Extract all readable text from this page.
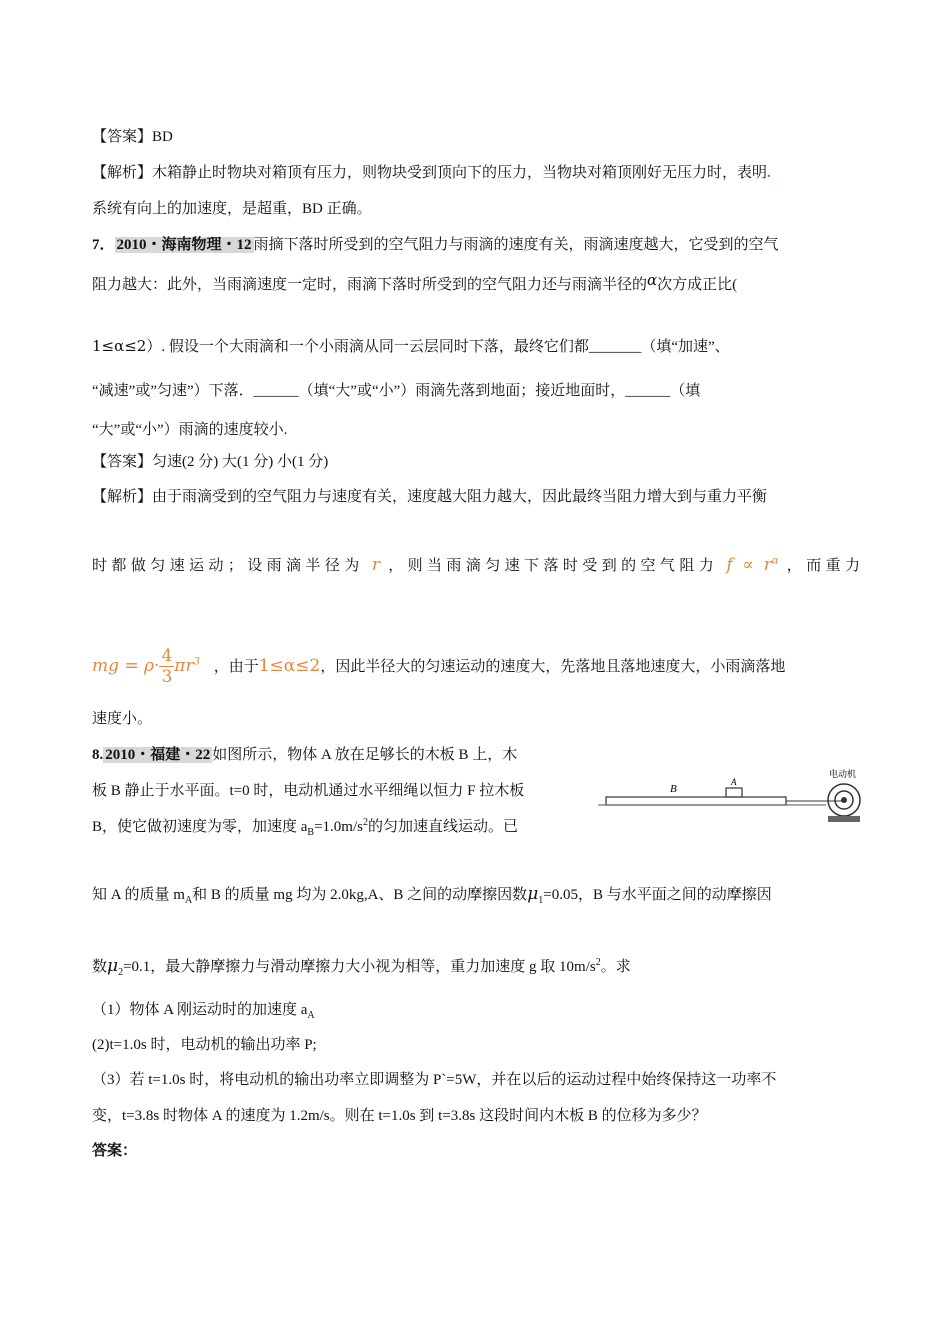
【答案】BD
【解析】木箱静止时物块对箱顶有压力，则物块受到顶向下的压力，当物块对箱顶刚好无压力时，表明.
系统有向上的加速度，是超重，BD 正确。
7． 2010・海南物理・12 雨摘下落时所受到的空气阻力与雨滴的速度有关，雨滴速度越大，它受到的空气
阻力越大：此外，当雨滴速度一定时，雨滴下落时所受到的空气阻力还与雨滴半径的α次方成正比(
1≤α≤2）. 假设一个大雨滴和一个小雨滴从同一云层同时下落，最终它们都_______（填“加速”、
“减速”或”匀速”）下落．______（填“大”或“小”）雨滴先落到地面；接近地面时，______（填
“大”或“小”）雨滴的速度较小.
【答案】匀速(2 分) 大(1 分) 小(1 分)
【解析】由于雨滴受到的空气阻力与速度有关，速度越大阻力越大，因此最终当阻力增大到与重力平衡
时都做匀速运动；设雨滴半径为 r ，则当雨滴匀速下落时受到的空气阻力 $f \propto r^\alpha$ ，而重力
mg = $\rho\cdot \frac{4}{3} \pi r^3$ ，由于1≤α≤2，因此半径大的匀速运动的速度大，先落地且落地速度大，小雨滴落地
速度小。
8. 2010・福建・22 如图所示，物体 A 放在足够长的木板 B 上，木
板 B 静止于水平面。t=0 时，电动机通过水平细绳以恒力 F 拉木板
B，使它做初速度为零，加速度 $a_B=1.0m/s^2$的匀加速直线运动。已
B
A
电动机
知 A 的质量 $m_A$和 B 的质量 mg 均为 2.0kg,A、B 之间的动摩擦因数$\mu_1=0.05$，B 与水平面之间的动摩擦因
数$\mu_2=0.1$，最大静摩擦力与滑动摩擦力大小视为相等，重力加速度 g 取 $10m/s^2$。求
（1）物体 A 刚运动时的加速度 $a_A$
(2)t=1.0s 时，电动机的输出功率 P;
（3）若 t=1.0s 时，将电动机的输出功率立即调整为 P`=5W，并在以后的运动过程中始终保持这一功率不
变，t=3.8s 时物体 A 的速度为 1.2m/s。则在 t=1.0s 到 t=3.8s 这段时间内木板 B 的位移为多少？
答案：
